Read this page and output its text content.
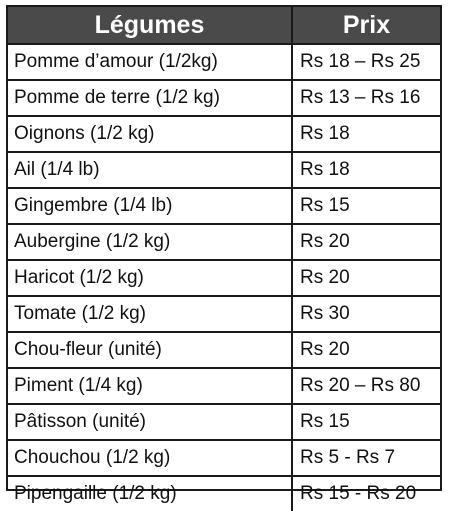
Légumes	Prix
Pomme d’amour (1/2kg)	Rs 18 – Rs 25
Pomme de terre (1/2 kg)	Rs 13 – Rs 16
Oignons (1/2 kg)	Rs 18
Ail (1/4 lb)	Rs 18
Gingembre (1/4 lb)	Rs 15
Aubergine (1/2 kg)	Rs 20
Haricot (1/2 kg)	Rs 20
Tomate (1/2 kg)	Rs 30
Chou-fleur (unité)	Rs 20
Piment (1/4 kg)	Rs 20 – Rs 80
Pâtisson (unité)	Rs 15
Chouchou (1/2 kg)	Rs 5 - Rs 7
Pipengaille (1/2 kg)	Rs 15 - Rs 20
